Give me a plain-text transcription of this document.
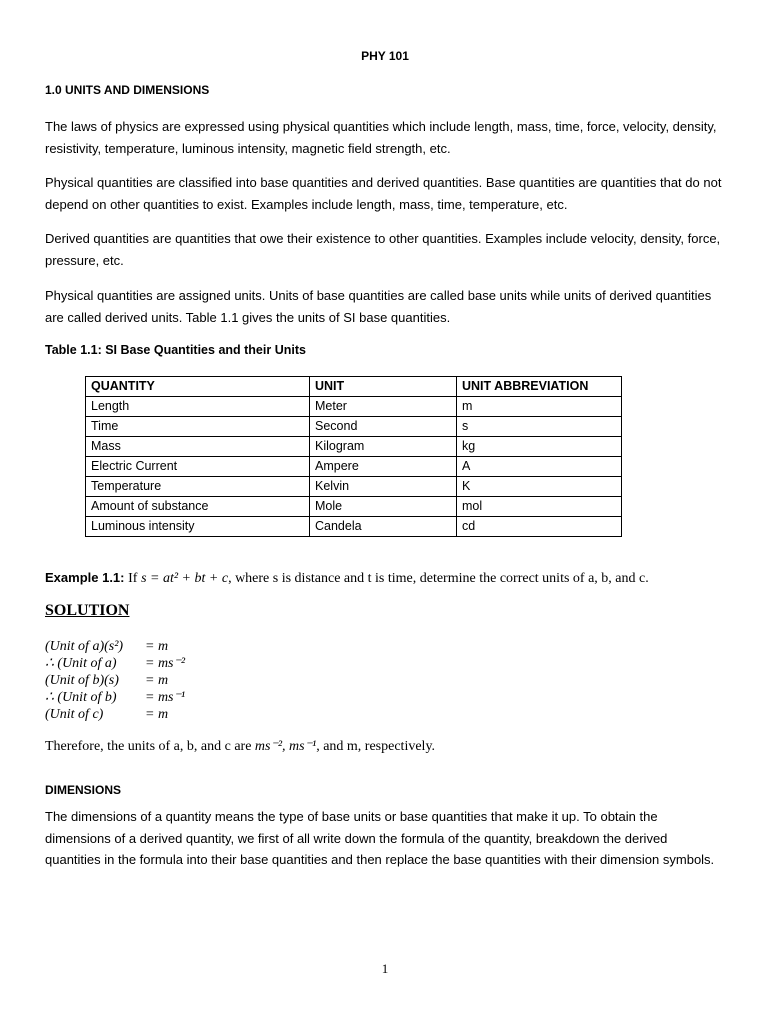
PHY 101
1.0 UNITS AND DIMENSIONS
The laws of physics are expressed using physical quantities which include length, mass, time, force, velocity, density, resistivity, temperature, luminous intensity, magnetic field strength, etc.
Physical quantities are classified into base quantities and derived quantities. Base quantities are quantities that do not depend on other quantities to exist. Examples include length, mass, time, temperature, etc.
Derived quantities are quantities that owe their existence to other quantities. Examples include velocity, density, force, pressure, etc.
Physical quantities are assigned units. Units of base quantities are called base units while units of derived quantities are called derived units. Table 1.1 gives the units of SI base quantities.
Table 1.1: SI Base Quantities and their Units
QUANTITY	UNIT	UNIT ABBREVIATION
Length	Meter	m
Time	Second	s
Mass	Kilogram	kg
Electric Current	Ampere	A
Temperature	Kelvin	K
Amount of substance	Mole	mol
Luminous intensity	Candela	cd
Example 1.1: If s = at² + bt + c, where s is distance and t is time, determine the correct units of a, b, and c.
SOLUTION
(Unit of a)(s²)	= m
∴ (Unit of a)	= ms⁻²
(Unit of b)(s)	= m
∴ (Unit of b)	= ms⁻¹
(Unit of c)	= m
Therefore, the units of a, b, and c are ms⁻², ms⁻¹, and m, respectively.
DIMENSIONS
The dimensions of a quantity means the type of base units or base quantities that make it up. To obtain the dimensions of a derived quantity, we first of all write down the formula of the quantity, breakdown the derived quantities in the formula into their base quantities and then replace the base quantities with their dimension symbols.
1
